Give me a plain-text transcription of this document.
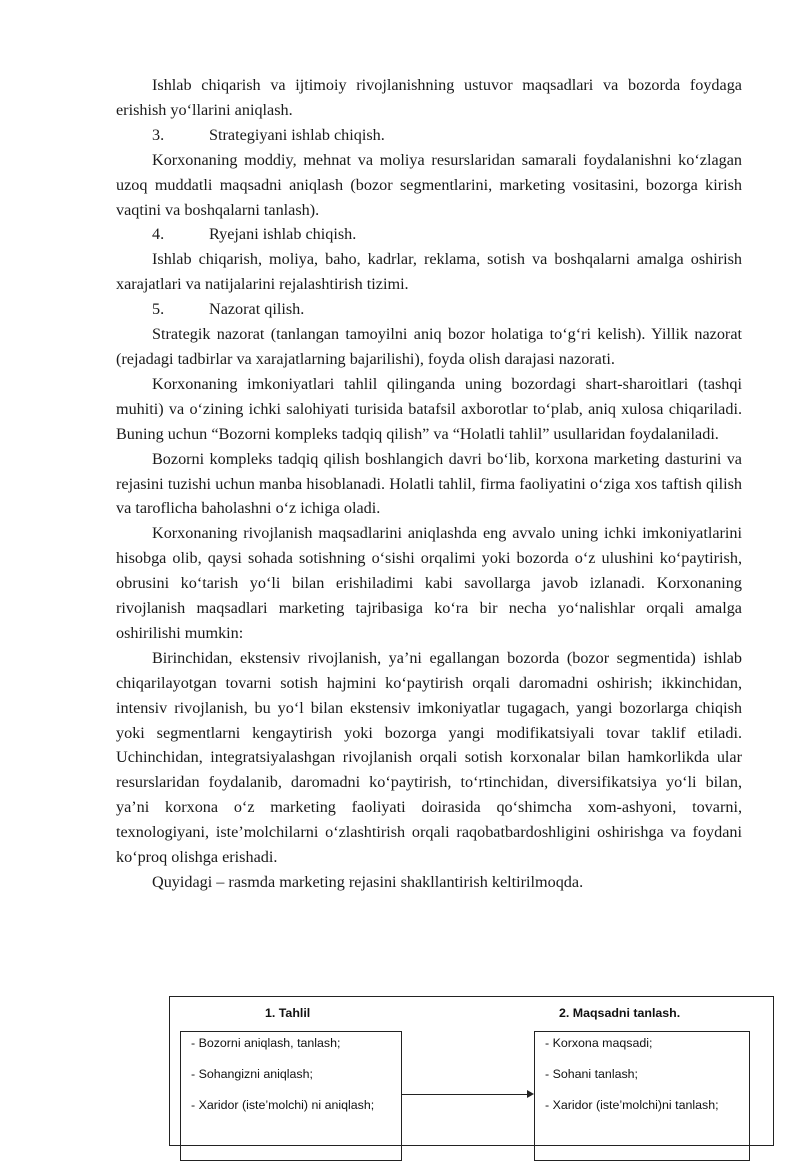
Ishlab chiqarish va ijtimoiy rivojlanishning ustuvor maqsadlari va bozorda foydaga erishish yo‘llarini aniqlash.

3.	Strategiyani ishlab chiqish.

Korxonaning moddiy, mehnat va moliya resurslaridan samarali foydalanishni ko‘zlagan uzoq muddatli maqsadni aniqlash (bozor segmentlarini, marketing vositasini, bozorga kirish vaqtini va boshqalarni tanlash).

4.	Ryejani ishlab chiqish.

Ishlab chiqarish, moliya, baho, kadrlar, reklama, sotish va boshqalarni amalga oshirish xarajatlari va natijalarini rejalashtirish tizimi.

5.	Nazorat qilish.

Strategik nazorat (tanlangan tamoyilni aniq bozor holatiga to‘g‘ri kelish). Yillik nazorat (rejadagi tadbirlar va xarajatlarning bajarilishi), foyda olish darajasi nazorati.

Korxonaning imkoniyatlari tahlil qilinganda uning bozordagi shart-sharoitlari (tashqi muhiti) va o‘zining ichki salohiyati turisida batafsil axborotlar to‘plab, aniq xulosa chiqariladi. Buning uchun “Bozorni kompleks tadqiq qilish” va “Holatli tahlil” usullaridan foydalaniladi.

Bozorni kompleks tadqiq qilish boshlangich davri bo‘lib, korxona marketing dasturini va rejasini tuzishi uchun manba hisoblanadi. Holatli tahlil, firma faoliyatini o‘ziga xos taftish qilish va taroflicha baholashni o‘z ichiga oladi.

Korxonaning rivojlanish maqsadlarini aniqlashda eng avvalo uning ichki imkoniyatlarini hisobga olib, qaysi sohada sotishning o‘sishi orqalimi yoki bozorda o‘z ulushini ko‘paytirish, obrusini ko‘tarish yo‘li bilan erishiladimi kabi savollarga javob izlanadi. Korxonaning rivojlanish maqsadlari marketing tajribasiga ko‘ra bir necha yo‘nalishlar orqali amalga oshirilishi mumkin:

Birinchidan, ekstensiv rivojlanish, ya’ni egallangan bozorda (bozor segmentida) ishlab chiqarilayotgan tovarni sotish hajmini ko‘paytirish orqali daromadni oshirish; ikkinchidan, intensiv rivojlanish, bu yo‘l bilan ekstensiv imkoniyatlar tugagach, yangi bozorlarga chiqish yoki segmentlarni kengaytirish yoki bozorga yangi modifikatsiyali tovar taklif etiladi. Uchinchidan, integratsiyalashgan rivojlanish orqali sotish korxonalar bilan hamkorlikda ular resurslaridan foydalanib, daromadni ko‘paytirish, to‘rtinchidan, diversifikatsiya yo‘li bilan, ya’ni korxona o‘z marketing faoliyati doirasida qo‘shimcha xom-ashyoni, tovarni, texnologiyani, iste’molchilarni o‘zlashtirish orqali raqobatbardoshligini oshirishga va foydani ko‘proq olishga erishadi.

Quyidagi – rasmda marketing rejasini shakllantirish keltirilmoqda.

1. Tahlil	2. Maqsadni tanlash.
- Bozorni aniqlash, tanlash;
- Sohangizni aniqlash;
- Xaridor (iste’molchi) ni aniqlash;
- Korxona maqsadi;
- Sohani tanlash;
- Xaridor (iste’molchi)ni tanlash;
